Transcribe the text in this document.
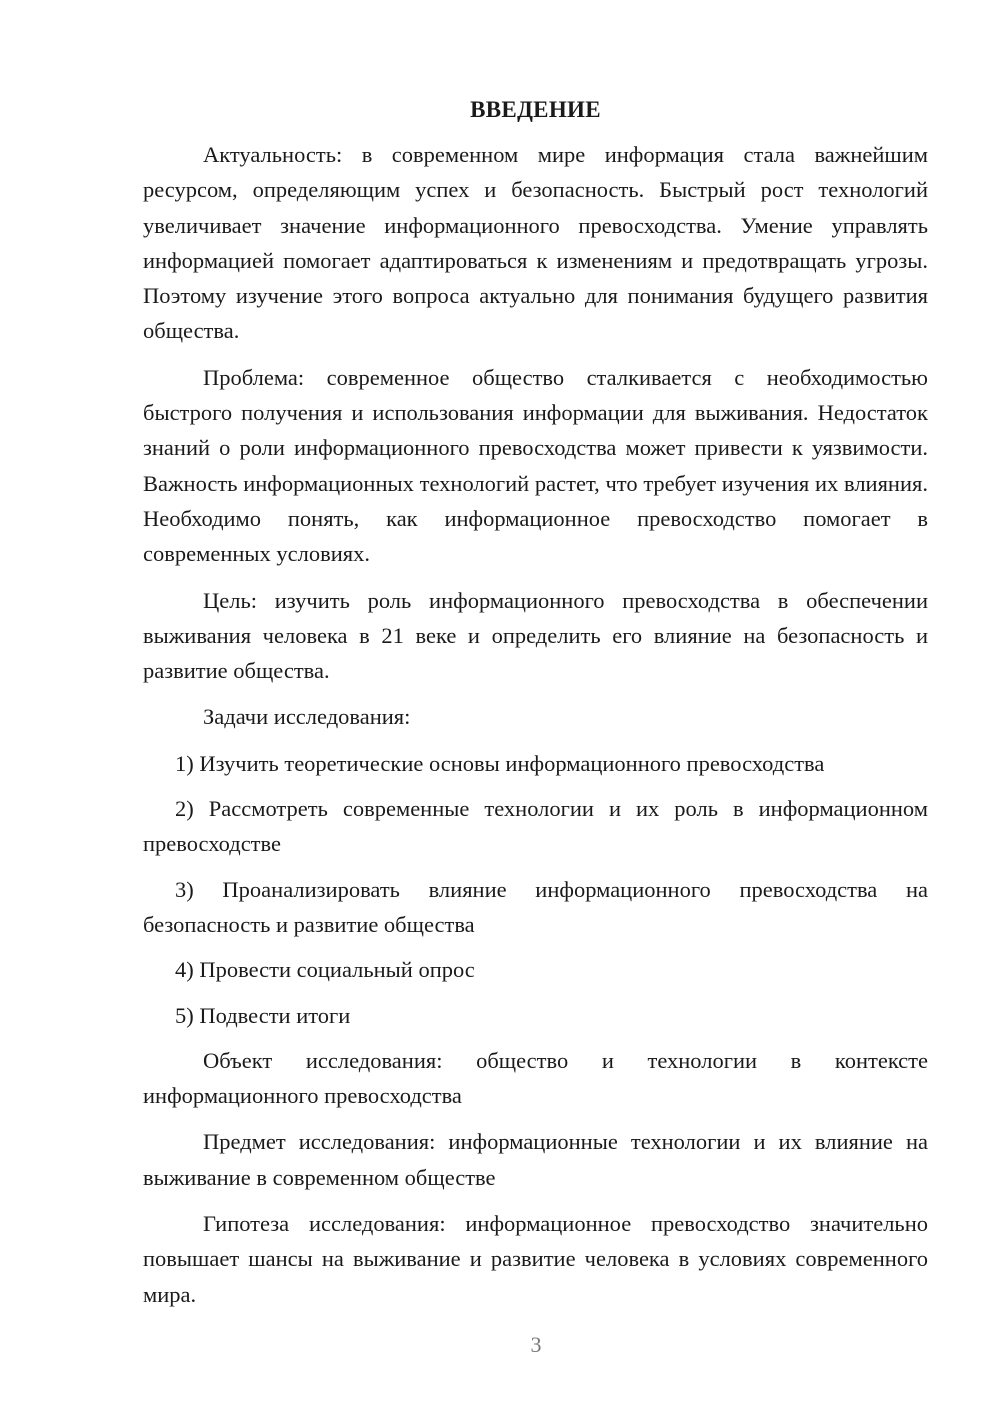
ВВЕДЕНИЕ

Актуальность: в современном мире информация стала важнейшим ресурсом, определяющим успех и безопасность. Быстрый рост технологий увеличивает значение информационного превосходства. Умение управлять информацией помогает адаптироваться к изменениям и предотвращать угрозы. Поэтому изучение этого вопроса актуально для понимания будущего развития общества.

Проблема: современное общество сталкивается с необходимостью быстрого получения и использования информации для выживания. Недостаток знаний о роли информационного превосходства может привести к уязвимости. Важность информационных технологий растет, что требует изучения их влияния. Необходимо понять, как информационное превосходство помогает в современных условиях.

Цель: изучить роль информационного превосходства в обеспечении выживания человека в 21 веке и определить его влияние на безопасность и развитие общества.

Задачи исследования:

1) Изучить теоретические основы информационного превосходства

2) Рассмотреть современные технологии и их роль в информационном превосходстве

3) Проанализировать влияние информационного превосходства на безопасность и развитие общества

4) Провести социальный опрос

5) Подвести итоги

Объект исследования: общество и технологии в контексте информационного превосходства

Предмет исследования: информационные технологии и их влияние на выживание в современном обществе

Гипотеза исследования: информационное превосходство значительно повышает шансы на выживание и развитие человека в условиях современного мира.

3
